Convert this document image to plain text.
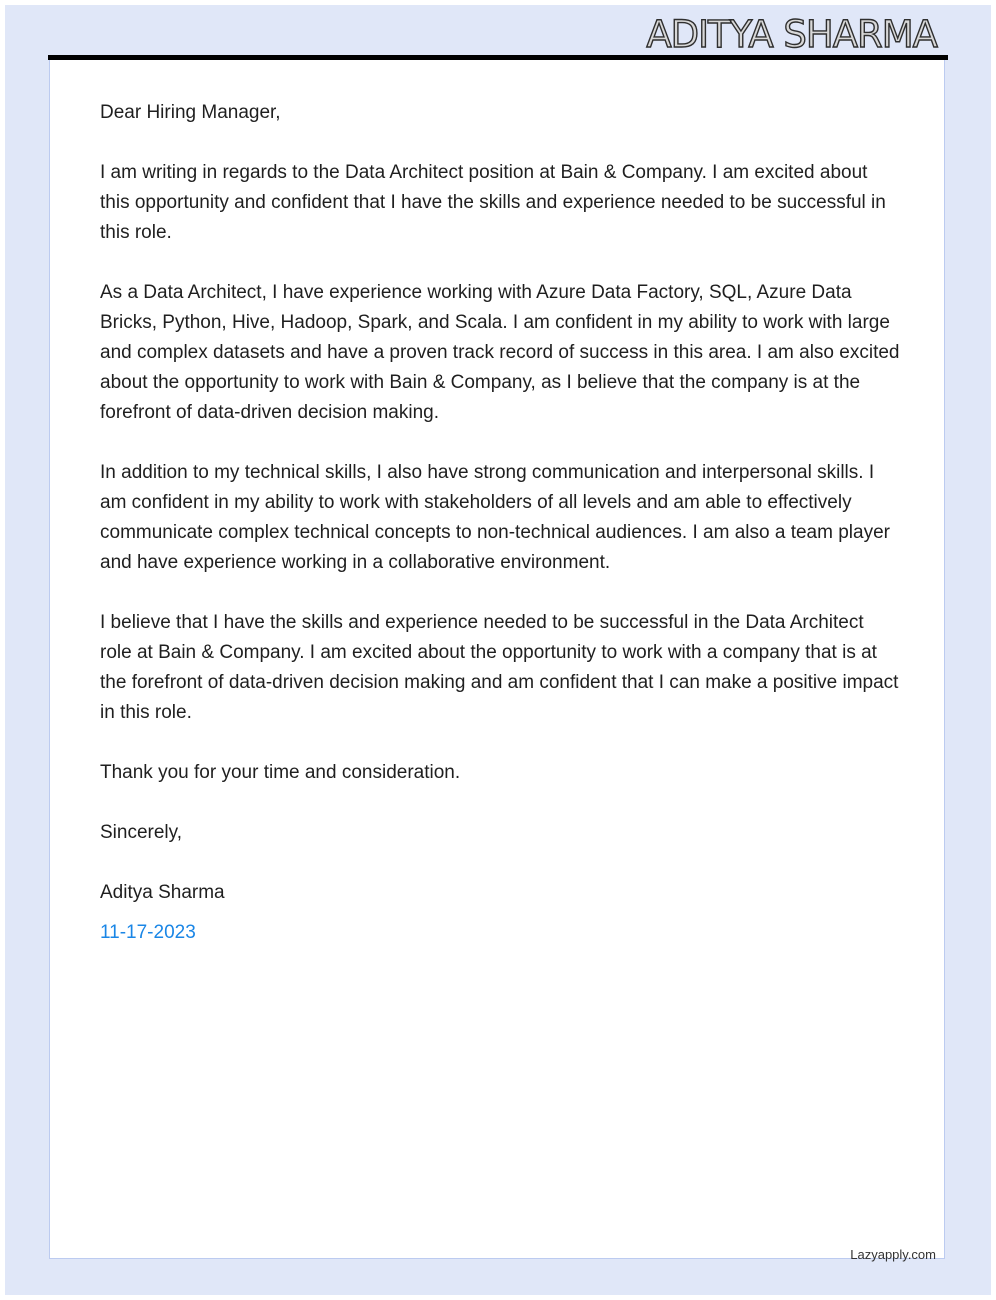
ADITYA SHARMA

Dear Hiring Manager,

I am writing in regards to the Data Architect position at Bain & Company. I am excited about this opportunity and confident that I have the skills and experience needed to be successful in this role.

As a Data Architect, I have experience working with Azure Data Factory, SQL, Azure Data Bricks, Python, Hive, Hadoop, Spark, and Scala. I am confident in my ability to work with large and complex datasets and have a proven track record of success in this area. I am also excited about the opportunity to work with Bain & Company, as I believe that the company is at the forefront of data-driven decision making.

In addition to my technical skills, I also have strong communication and interpersonal skills. I am confident in my ability to work with stakeholders of all levels and am able to effectively communicate complex technical concepts to non-technical audiences. I am also a team player and have experience working in a collaborative environment.

I believe that I have the skills and experience needed to be successful in the Data Architect role at Bain & Company. I am excited about the opportunity to work with a company that is at the forefront of data-driven decision making and am confident that I can make a positive impact in this role.

Thank you for your time and consideration.

Sincerely,

Aditya Sharma

11-17-2023

Lazyapply.com
